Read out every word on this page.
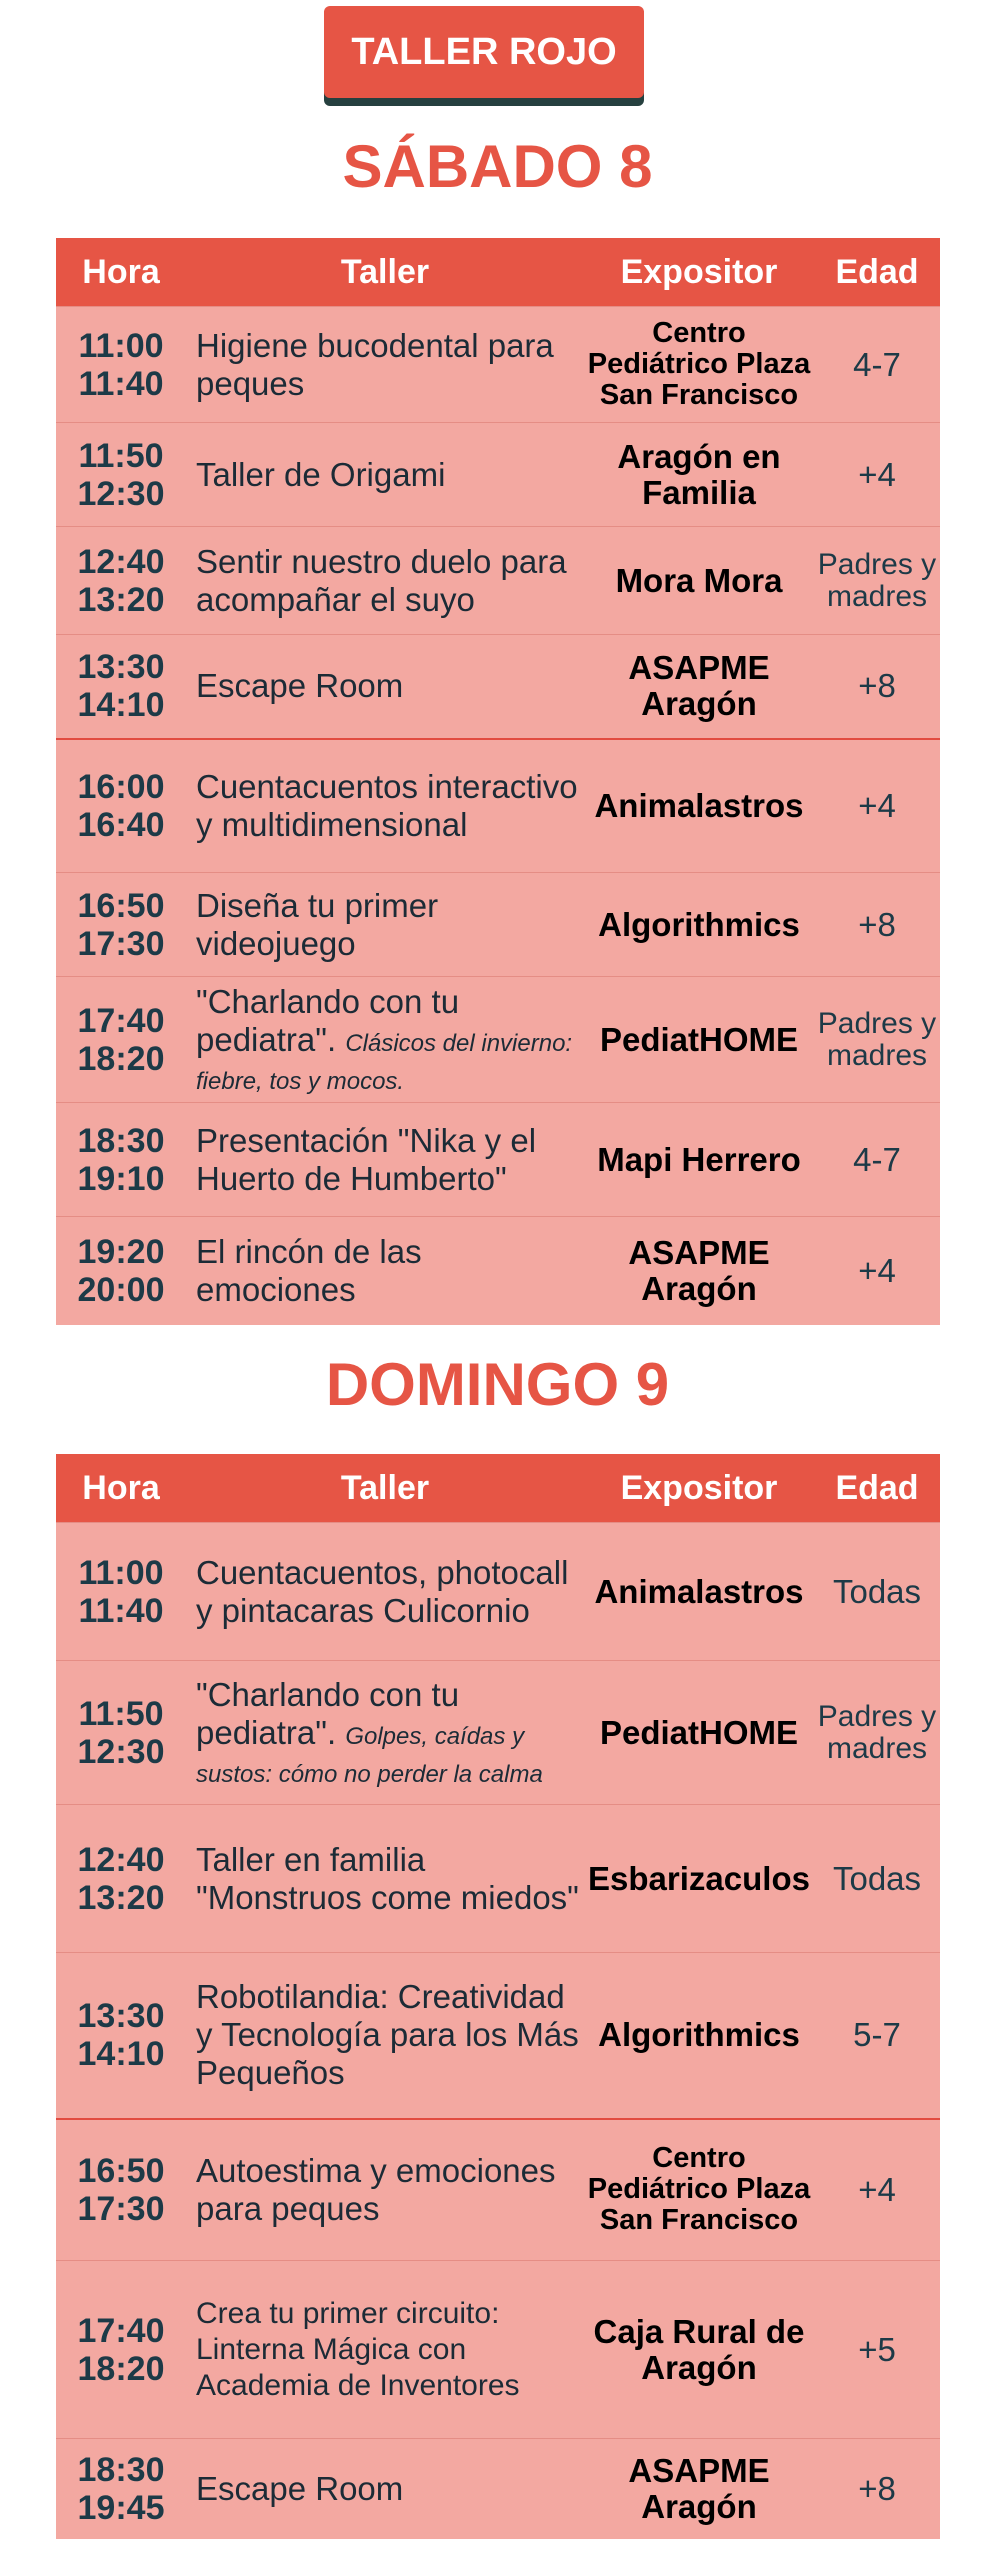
TALLER ROJO
SÁBADO 8
Hora	Taller	Expositor	Edad

11:00
11:40	Higiene bucodental para peques	Centro Pediátrico Plaza San Francisco	4-7

11:50
12:30	Taller de Origami	Aragón en Familia	+4

12:40
13:20	Sentir nuestro duelo para acompañar el suyo	Mora Mora	Padres y madres

13:30
14:10	Escape Room	ASAPME Aragón	+8

16:00
16:40	Cuentacuentos interactivo y multidimensional	Animalastros	+4

16:50
17:30	Diseña tu primer videojuego	Algorithmics	+8

17:40
18:20	"Charlando con tu pediatra". Clásicos del invierno: fiebre, tos y mocos.	PediatHOME	Padres y madres

18:30
19:10	Presentación "Nika y el Huerto de Humberto"	Mapi Herrero	4-7

19:20
20:00	El rincón de las emociones	ASAPME Aragón	+4
DOMINGO 9
Hora	Taller	Expositor	Edad

11:00
11:40	Cuentacuentos, photocall y pintacaras Culicornio	Animalastros	Todas

11:50
12:30	"Charlando con tu pediatra". Golpes, caídas y sustos: cómo no perder la calma	PediatHOME	Padres y madres

12:40
13:20	Taller en familia "Monstruos come miedos"	Esbarizaculos	Todas

13:30
14:10	Robotilandia: Creatividad y Tecnología para los Más Pequeños	Algorithmics	5-7

16:50
17:30	Autoestima y emociones para peques	Centro Pediátrico Plaza San Francisco	+4

17:40
18:20	Crea tu primer circuito: Linterna Mágica con Academia de Inventores	Caja Rural de Aragón	+5

18:30
19:45	Escape Room	ASAPME Aragón	+8
